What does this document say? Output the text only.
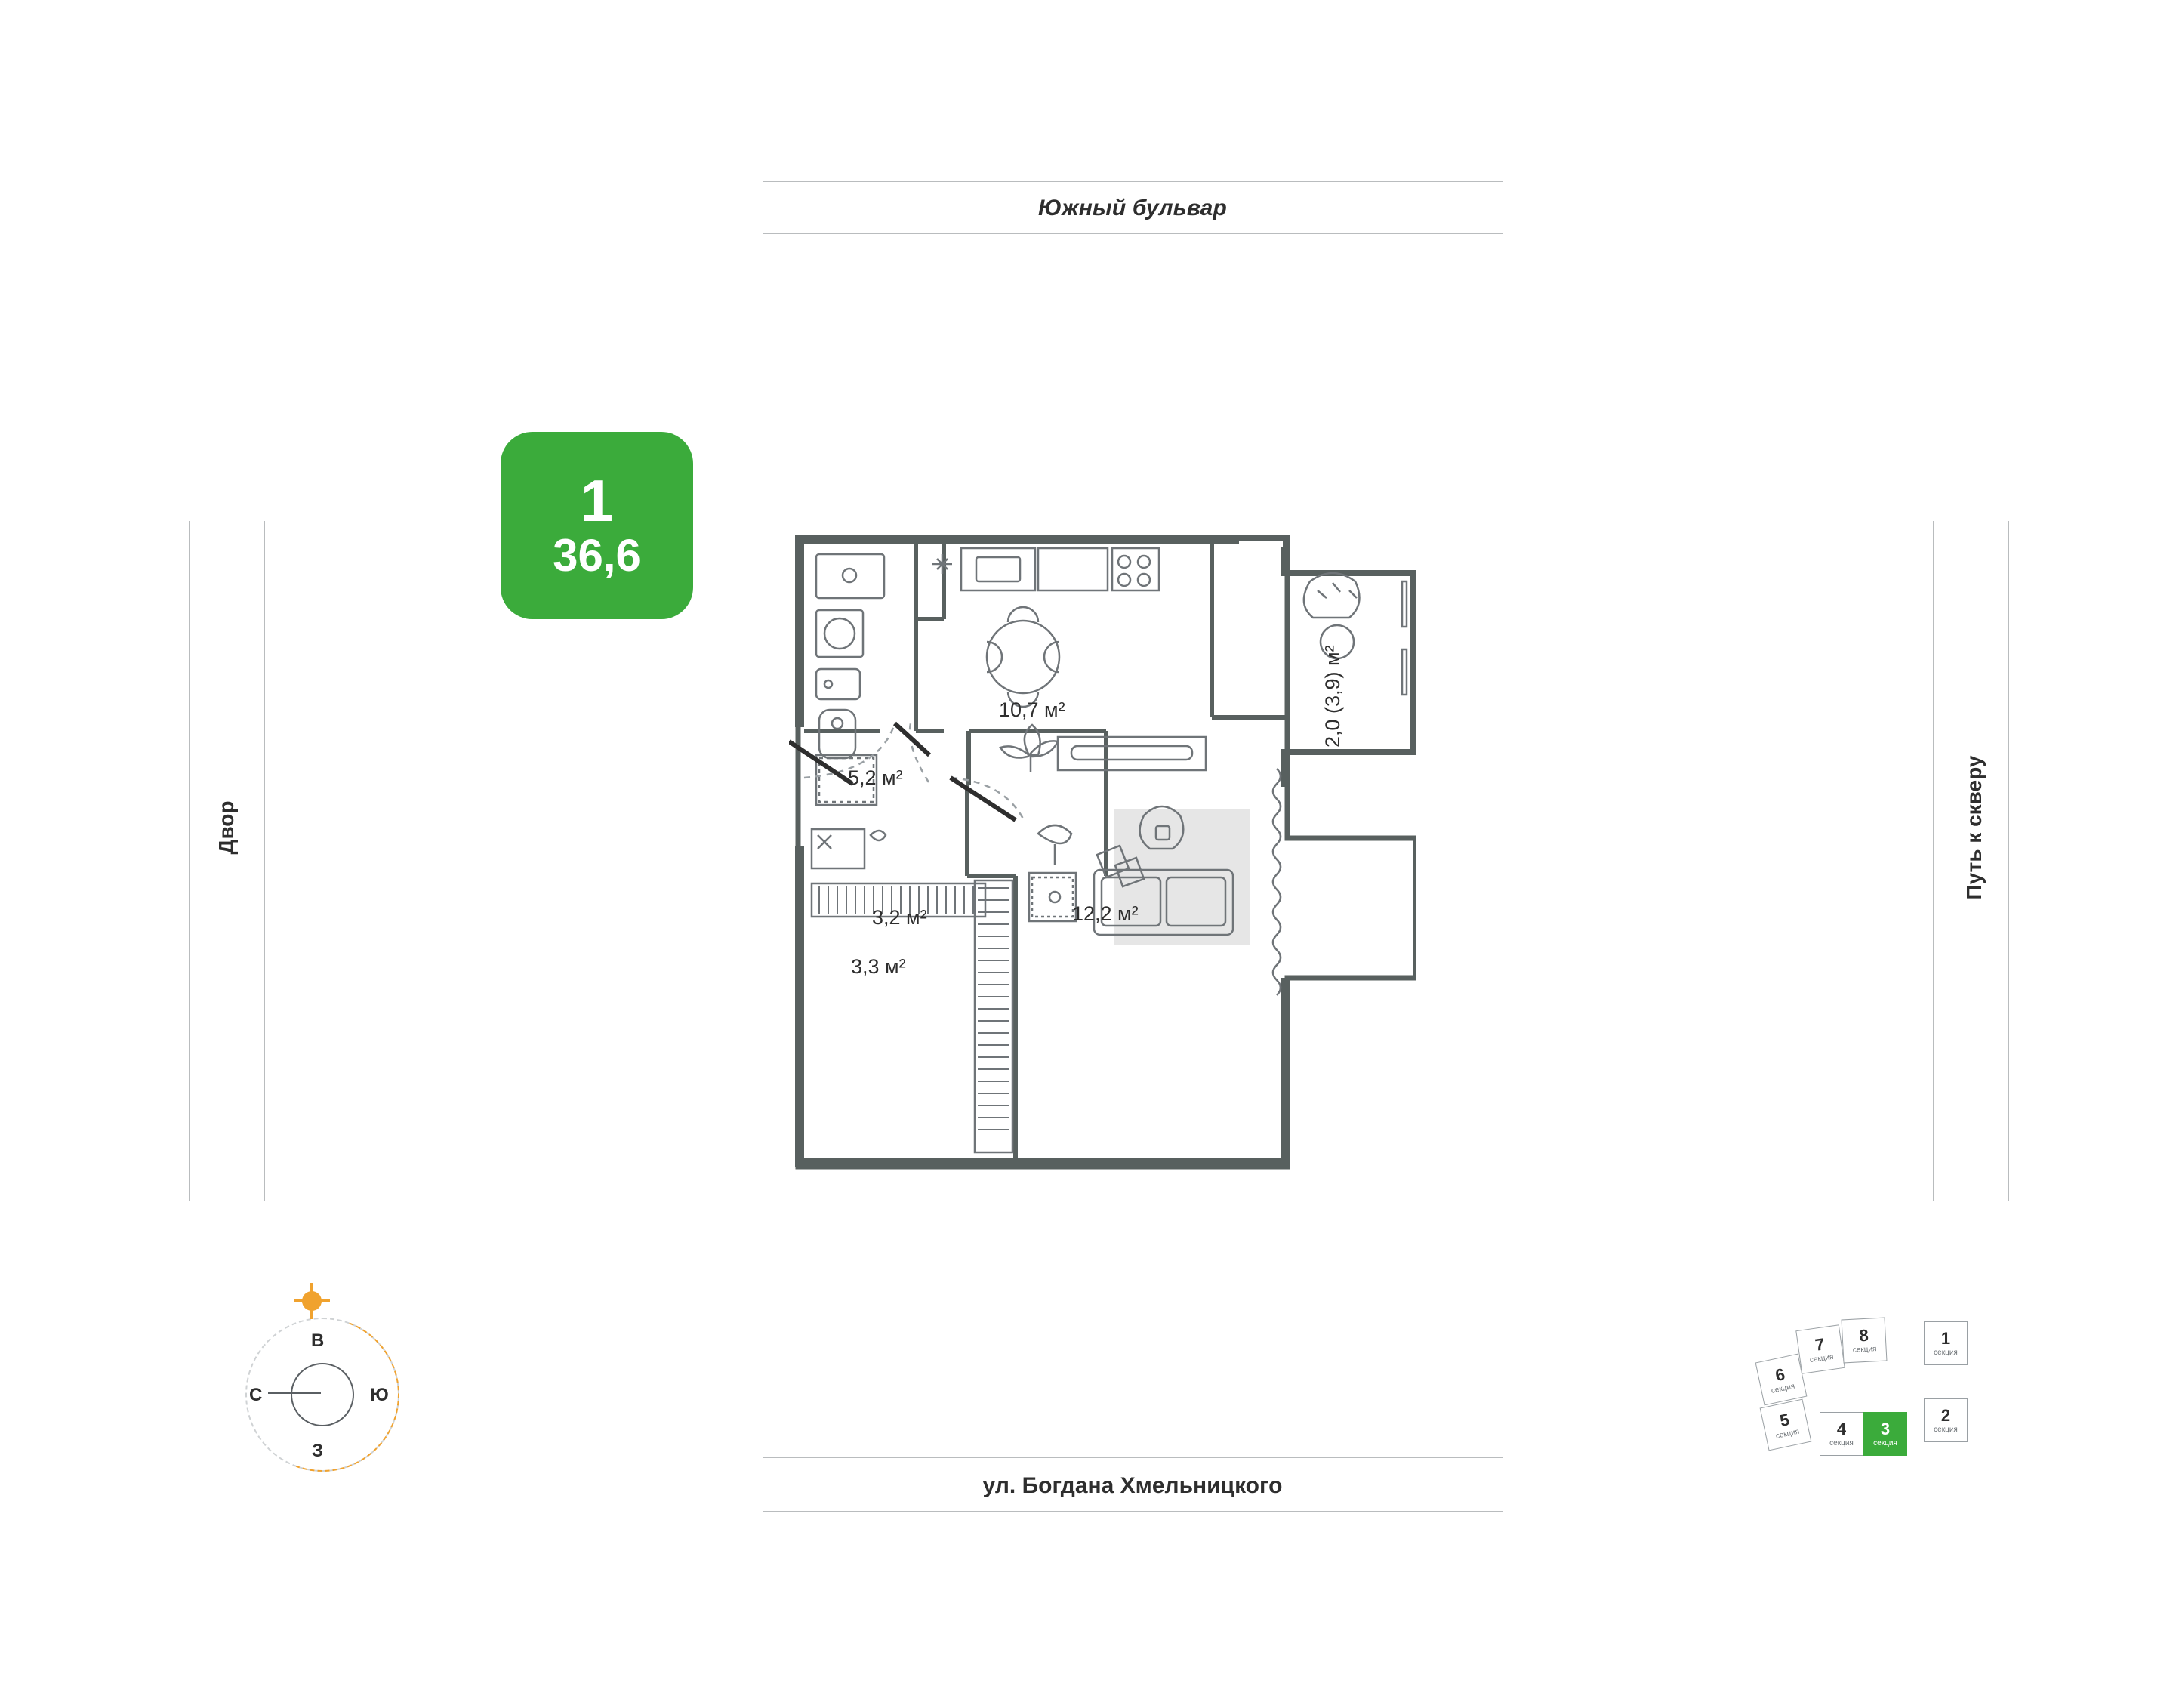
Южный бульвар
ул. Богдана Хмельницкого
Двор	Путь к скверу
1
36,6
В
С	Ю
З
6
секция
7
секция
8
секция
1
секция
5
секция 4
секция
3
секция
2
секция
5,2 м²
10,7 м²	2,0 (3,9) м²
3,2 м²
3,3 м²
12,2 м²
